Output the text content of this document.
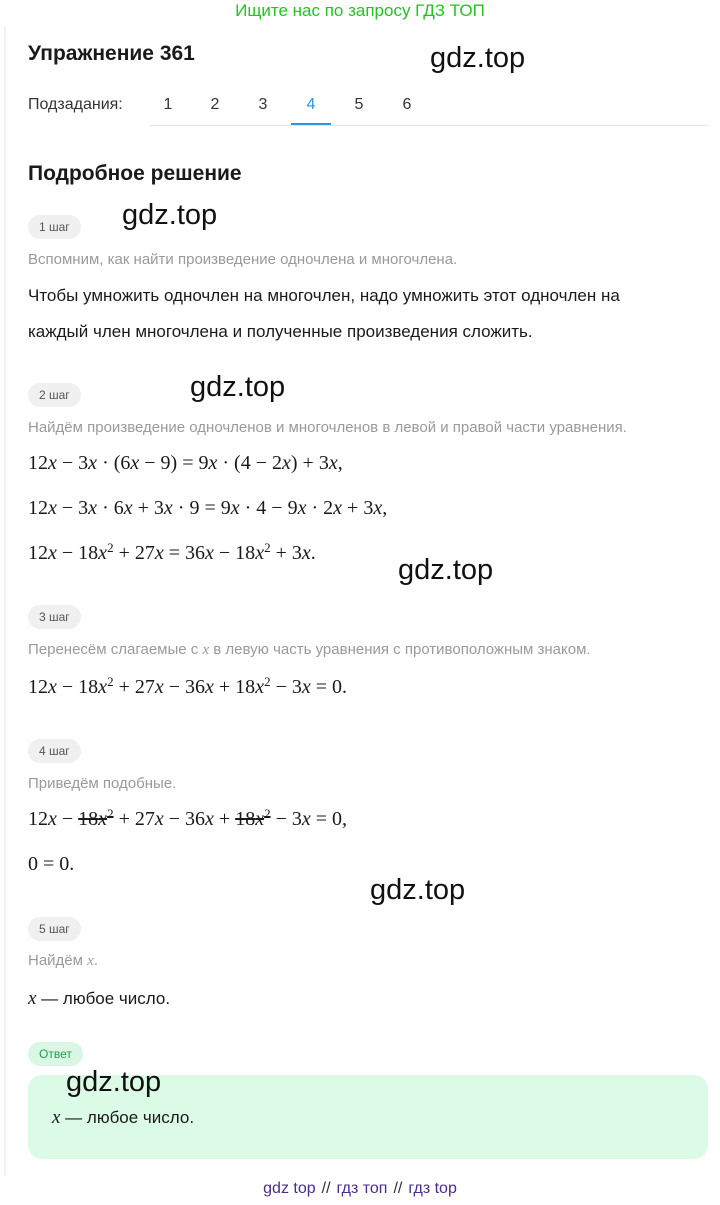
Ищите нас по запросу ГДЗ ТОП
Упражнение 361	gdz.top
Подзадания:	1	2	3	4	5	6
Подробное решение
1 шаг	gdz.top
Вспомним, как найти произведение одночлена и многочлена.
Чтобы умножить одночлен на многочлен, надо умножить этот одночлен на
каждый член многочлена и полученные произведения сложить.
2 шаг	gdz.top
Найдём произведение одночленов и многочленов в левой и правой части уравнения.
12x − 3x · (6x − 9) = 9x · (4 − 2x) + 3x,
12x − 3x · 6x + 3x · 9 = 9x · 4 − 9x · 2x + 3x,
$12x - 18x^2 + 27x = 36x - 18x^2 + 3x$.
gdz.top
3 шаг
Перенесём слагаемые с x в левую часть уравнения с противоположным знаком.
$12x - 18x^2 + 27x - 36x + 18x^2 - 3x = 0$.
4 шаг
Приведём подобные.
$12x - 18x^2 + 27x - 36x + 18x^2 - 3x = 0$,
0 = 0.
gdz.top
5 шаг
Найдём x.
x — любое число.
Ответ
gdz.top
x — любое число.
gdz top // гдз топ // гдз top
